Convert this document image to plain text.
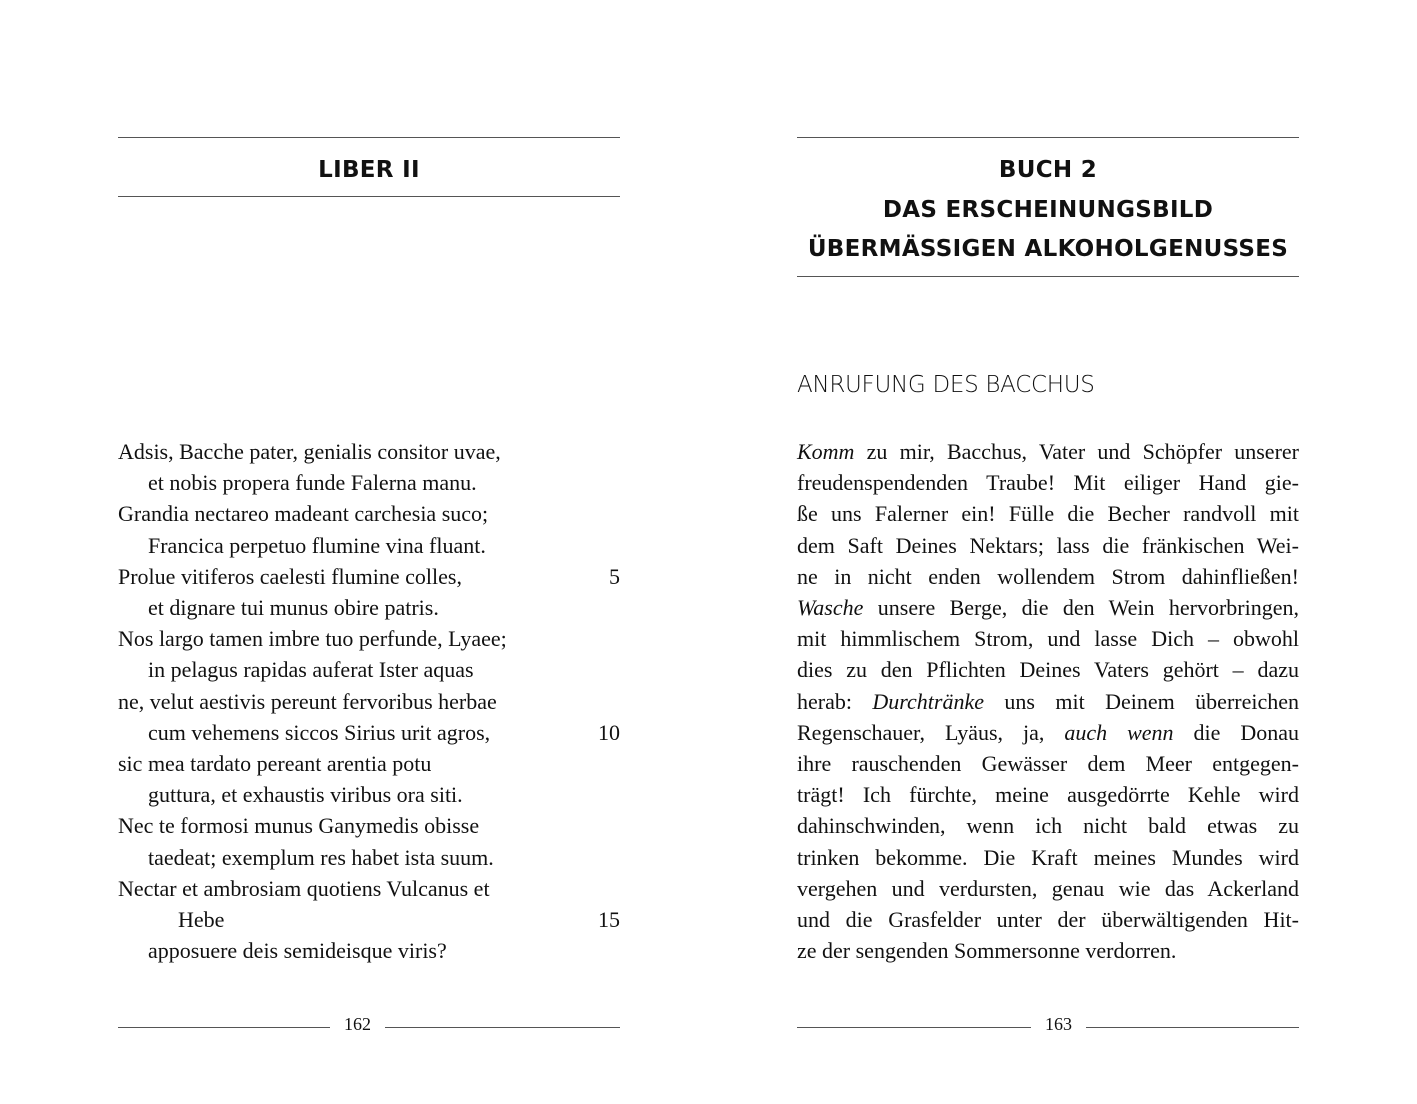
LIBER II
Adsis, Bacche pater, genialis consitor uvae,
et nobis propera funde Falerna manu.
Grandia nectareo madeant carchesia suco;
Francica perpetuo flumine vina fluant.
Prolue vitiferos caelesti flumine colles,	5
et dignare tui munus obire patris.
Nos largo tamen imbre tuo perfunde, Lyaee;
in pelagus rapidas auferat Ister aquas
ne, velut aestivis pereunt fervoribus herbae
cum vehemens siccos Sirius urit agros,	10
sic mea tardato pereant arentia potu
guttura, et exhaustis viribus ora siti.
Nec te formosi munus Ganymedis obisse
taedeat; exemplum res habet ista suum.
Nectar et ambrosiam quotiens Vulcanus et
Hebe	15
apposuere deis semideisque viris?
162
BUCH 2
DAS ERSCHEINUNGSBILD
ÜBERMÄSSIGEN ALKOHOLGENUSSES
ANRUFUNG DES BACCHUS
Komm zu mir, Bacchus, Vater und Schöpfer unserer
freudenspendenden Traube! Mit eiliger Hand gie-
ße uns Falerner ein! Fülle die Becher randvoll mit
dem Saft Deines Nektars; lass die fränkischen Wei-
ne in nicht enden wollendem Strom dahinfließen!
Wasche unsere Berge, die den Wein hervorbringen,
mit himmlischem Strom, und lasse Dich – obwohl
dies zu den Pflichten Deines Vaters gehört – dazu
herab: Durchtränke uns mit Deinem überreichen
Regenschauer, Lyäus, ja, auch wenn die Donau
ihre rauschenden Gewässer dem Meer entgegen-
trägt! Ich fürchte, meine ausgedörrte Kehle wird
dahinschwinden, wenn ich nicht bald etwas zu
trinken bekomme. Die Kraft meines Mundes wird
vergehen und verdursten, genau wie das Ackerland
und die Grasfelder unter der überwältigenden Hit-
ze der sengenden Sommersonne verdorren.
163
